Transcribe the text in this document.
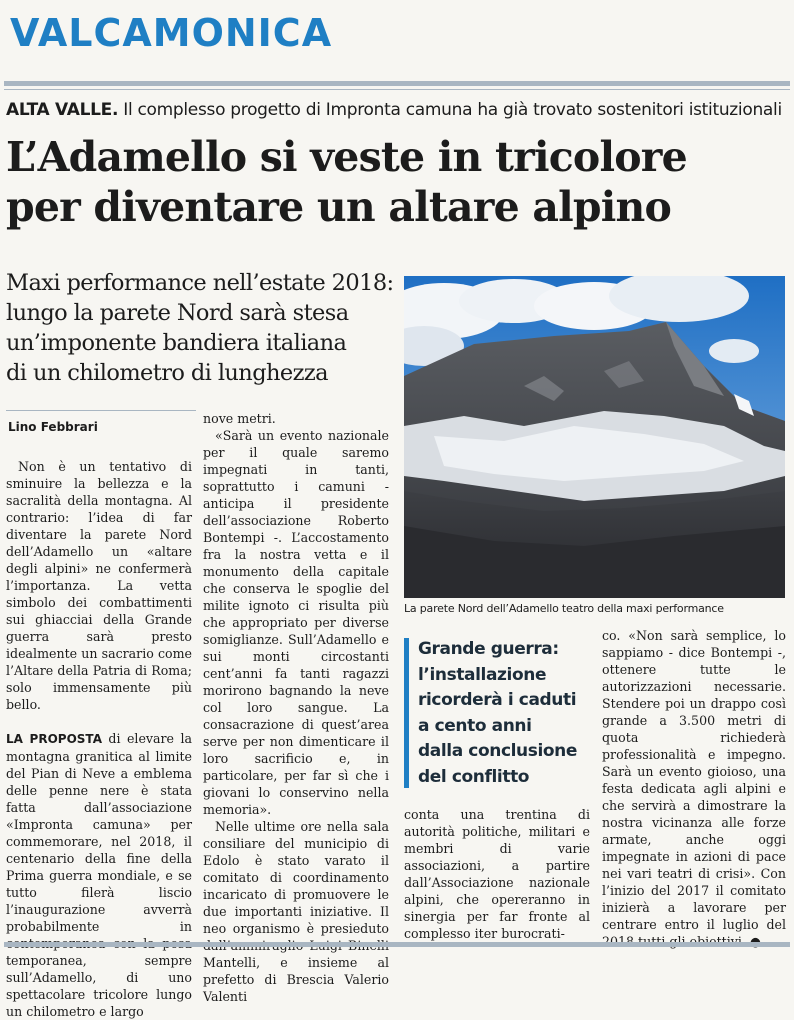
VALCAMONICA

ALTA VALLE. Il complesso progetto di Impronta camuna ha già trovato sostenitori istituzionali

L’Adamello si veste in tricolore
per diventare un altare alpino
Maxi performance nell’estate 2018:
lungo la parete Nord sarà stesa
un’imponente bandiera italiana
di un chilometro di lunghezza

Lino Febbrari

Non è un tentativo di sminuire la bellezza e la sacralità della montagna. Al contrario: l’idea di far diventare la parete Nord dell’Adamello un «altare degli alpini» ne confermerà l’importanza. La vetta simbolo dei combattimenti sui ghiacciai della Grande guerra sarà presto idealmente un sacrario come l’Altare della Patria di Roma; solo immensamente più bello.

LA PROPOSTA di elevare la montagna granitica al limite del Pian di Neve a emblema delle penne nere è stata fatta dall’associazione «Impronta camuna» per commemorare, nel 2018, il centenario della fine della Prima guerra mondiale, e se tutto filerà liscio l’inaugurazione avverrà probabilmente in temporanea, sempre sull’Adamello, di uno spettacolare tricolore lungo un chilometro e largo

nove metri.

«Sarà un evento nazionale per il quale saremo impegnati in tanti, soprattutto i camuni - anticipa il presidente dell’associazione Roberto Bontempi -. L’accostamento fra la nostra vetta e il monumento della capitale che conserva le spoglie del milite ignoto ci risulta più che appropriato per diverse somiglianze. Sull’Adamello e sui monti circostanti cent’anni fa tanti ragazzi morirono bagnando la neve col loro sangue. La consacrazione di quest’area serve per non dimenticare il loro sacrificio e, in particolare, per far sì che i giovani lo conservino nella memoria».

Nelle ultime ore nella sala consiliare del municipio di Edolo è stato varato il comitato di coordinamento incaricato di promuovere le due importanti iniziative. Il neo organismo è presieduto Mantelli, e insieme al prefetto di Brescia Valerio Valenti

La parete Nord dell’Adamello teatro della maxi performance

Grande guerra:
l’installazione
ricorderà i caduti
a cento anni
dalla conclusione
del conflitto

conta una trentina di autorità politiche, militari e membri di varie associazioni, a partire dall’Associazione nazionale alpini, che opereranno in sinergia per far fronte al complesso iter burocrati-

co. «Non sarà semplice, lo sappiamo - dice Bontempi -, ottenere tutte le autorizzazioni necessarie. Stendere poi un drappo così grande a 3.500 metri di quota richiederà professionalità e impegno. Sarà un evento gioioso, una festa dedicata agli alpini e che servirà a dimostrare la nostra vicinanza alle forze armate, anche oggi impegnate in azioni di pace nei vari teatri di crisi». Con l’inizio del 2017 il comitato inizierà a lavorare per centrare entro il luglio del
